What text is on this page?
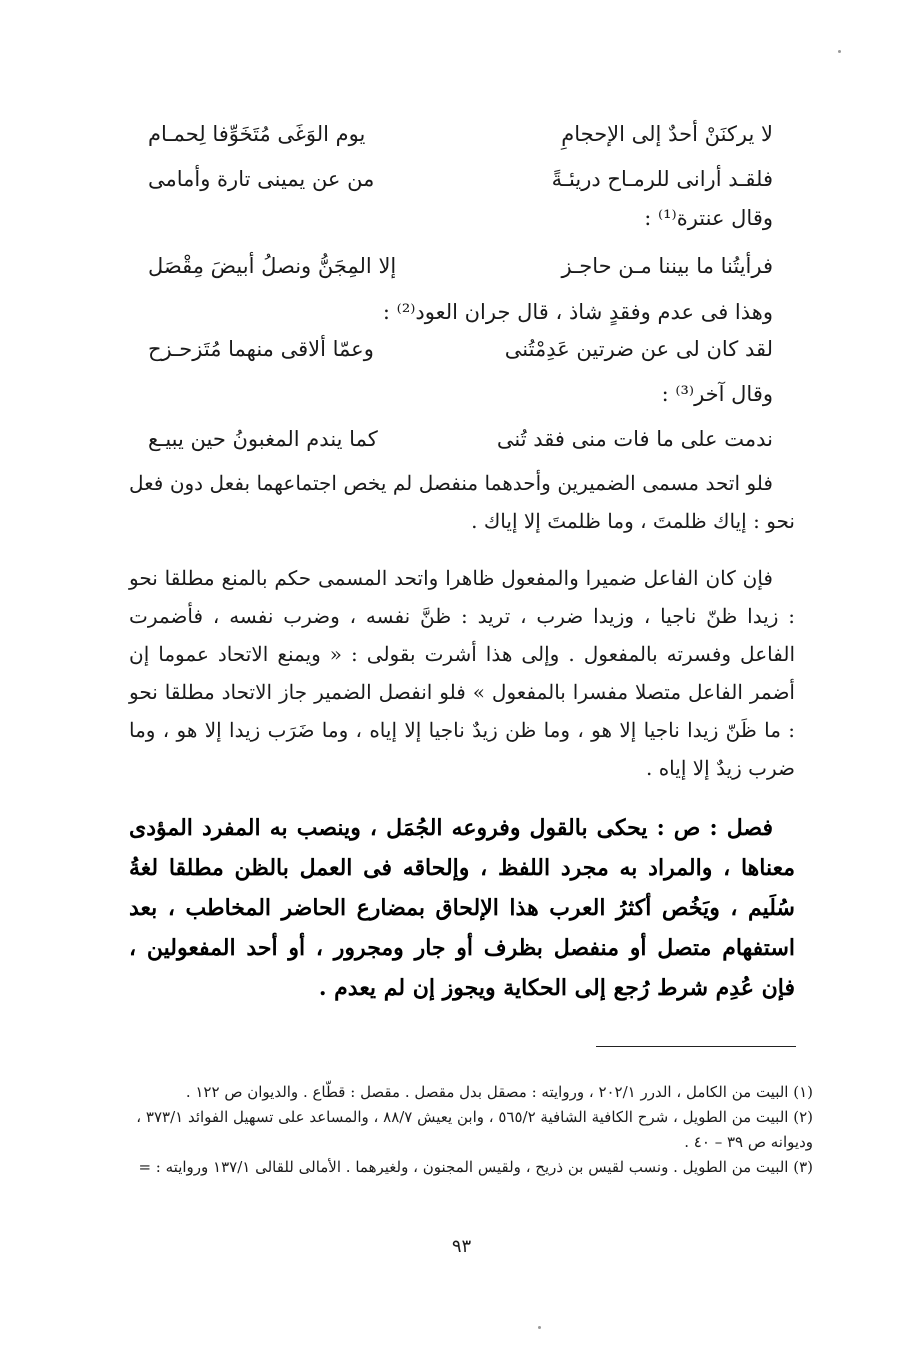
لا يركنَنْ أحدٌ إلى الإحجامِ
يوم الوَغَى مُتَخَوِّفا لِحمـام
فلقـد أرانى للرمـاح دريئـةً
من عن يمينى تارة وأمامى
وقال عنترة⁽¹⁾ :
فرأيتُنا ما بيننا مـن حاجـز
إلا المِجَنُّ ونصلُ أبيضَ مِقْصَل
وهذا فى عدم وفقدٍ شاذ ، قال جران العود⁽²⁾ :
لقد كان لى عن ضرتين عَدِمْتُنى
وعمّا ألاقى منهما مُتَزحـزح
وقال آخر⁽³⁾ :
ندمت على ما فات منى فقد تُنى
كما يندم المغبونُ حين يبيـع
فلو اتحد مسمى الضميرين وأحدهما منفصل لم يخص اجتماعهما بفعل دون فعل نحو : إياك ظلمتَ ، وما ظلمتَ إلا إياك .
فإن كان الفاعل ضميرا والمفعول ظاهرا واتحد المسمى حكم بالمنع مطلقا نحو : زيدا ظنّ ناجيا ، وزيدا ضرب ، تريد : ظنَّ نفسه ، وضرب نفسه ، فأضمرت الفاعل وفسرته بالمفعول . وإلى هذا أشرت بقولى : « ويمنع الاتحاد عموما إن أضمر الفاعل متصلا مفسرا بالمفعول » فلو انفصل الضمير جاز الاتحاد مطلقا نحو : ما ظَنّ زيدا ناجيا إلا هو ، وما ظن زيدٌ ناجيا إلا إياه ، وما ضَرَب زيدا إلا هو ، وما ضرب زيدٌ إلا إياه .
فصل : ص : يحكى بالقول وفروعه الجُمَل ، وينصب به المفرد المؤدى معناها ، والمراد به مجرد اللفظ ، وإلحاقه فى العمل بالظن مطلقا لغةُ سُلَيم ، ويَخُص أكثرُ العرب هذا الإلحاق بمضارع الحاضر المخاطب ، بعد استفهام متصل أو منفصل بظرف أو جار ومجرور ، أو أحد المفعولين ، فإن عُدِم شرط رُجع إلى الحكاية ويجوز إن لم يعدم .

(١) البيت من الكامل ، الدرر ٢٠٢/١ ، وروايته : مصقل بدل مقصل . مقصل : قطّاع . والديوان ص ١٢٢ .

(٢) البيت من الطويل ، شرح الكافية الشافية ٥٦٥/٢ ، وابن يعيش ٨٨/٧ ، والمساعد على تسهيل الفوائد ٣٧٣/١ ، وديوانه ص ٣٩ – ٤٠ .

(٣) البيت من الطويل . ونسب لقيس بن ذريح ، ولقيس المجنون ، ولغيرهما . الأمالى للقالى ١٣٧/١ وروايته : =

٩٣
